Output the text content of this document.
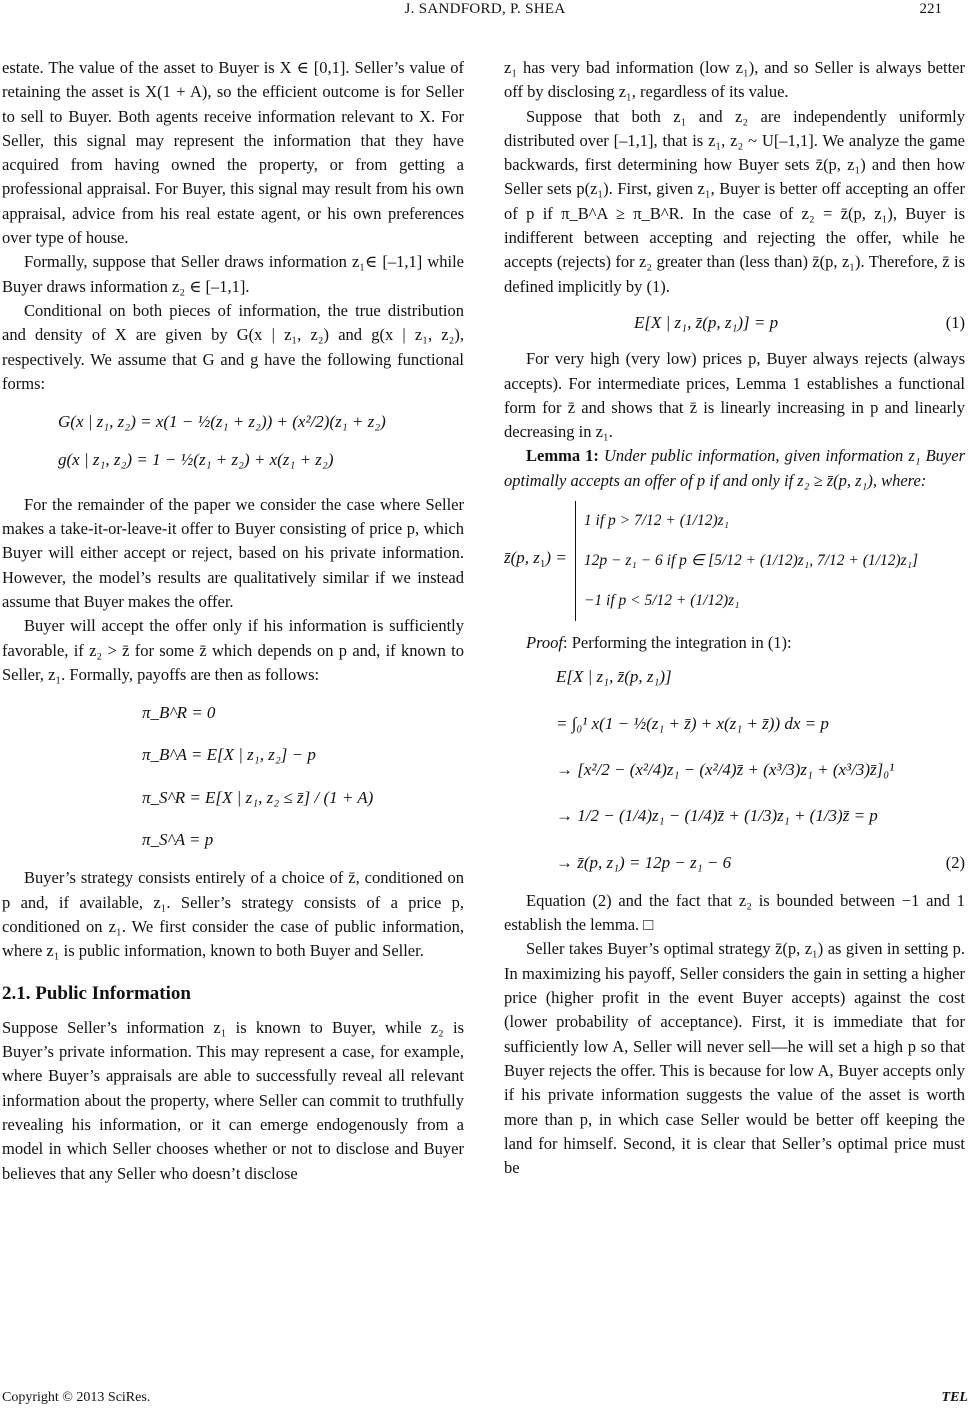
J. SANDFORD, P. SHEA	221

estate. The value of the asset to Buyer is X ∈ [0,1]. Seller’s value of retaining the asset is X(1 + A), so the efficient outcome is for Seller to sell to Buyer. Both agents receive information relevant to X. For Seller, this signal may represent the information that they have acquired from having owned the property, or from getting a professional appraisal. For Buyer, this signal may result from his own appraisal, advice from his real estate agent, or his own preferences over type of house.

Formally, suppose that Seller draws information z₁∈ [–1,1] while Buyer draws information z₂ ∈ [–1,1].

Conditional on both pieces of information, the true distribution and density of X are given by G(x | z₁, z₂) and g(x | z₁, z₂), respectively. We assume that G and g have the following functional forms:

G(x | z₁, z₂) = x(1 − ½(z₁ + z₂)) + (x²/2)(z₁ + z₂)
g(x | z₁, z₂) = 1 − ½(z₁ + z₂) + x(z₁ + z₂)

For the remainder of the paper we consider the case where Seller makes a take-it-or-leave-it offer to Buyer consisting of price p, which Buyer will either accept or reject, based on his private information. However, the model’s results are qualitatively similar if we instead assume that Buyer makes the offer.

Buyer will accept the offer only if his information is sufficiently favorable, if z₂ > z̄ for some z̄ which depends on p and, if known to Seller, z₁. Formally, payoffs are then as follows:

π_B^R = 0
π_B^A = E[X | z₁, z₂] − p
π_S^R = E[X | z₁, z₂ ≤ z̄] / (1 + A)
π_S^A = p

Buyer’s strategy consists entirely of a choice of z̄, conditioned on p and, if available, z₁. Seller’s strategy consists of a price p, conditioned on z₁. We first consider the case of public information, where z₁ is public information, known to both Buyer and Seller.

2.1. Public Information

Suppose Seller’s information z₁ is known to Buyer, while z₂ is Buyer’s private information. This may represent a case, for example, where Buyer’s appraisals are able to successfully reveal all relevant information about the property, where Seller can commit to truthfully revealing his information, or it can emerge endogenously from a model in which Seller chooses whether or not to disclose and Buyer believes that any Seller who doesn’t disclose

z₁ has very bad information (low z₁), and so Seller is always better off by disclosing z₁, regardless of its value.

Suppose that both z₁ and z₂ are independently uniformly distributed over [–1,1], that is z₁, z₂ ~ U[–1,1]. We analyze the game backwards, first determining how Buyer sets z̄(p, z₁) and then how Seller sets p(z₁). First, given z₁, Buyer is better off accepting an offer of p if π_B^A ≥ π_B^R. In the case of z₂ = z̄(p, z₁), Buyer is indifferent between accepting and rejecting the offer, while he accepts (rejects) for z₂ greater than (less than) z̄(p, z₁). Therefore, z̄ is defined implicitly by (1).

E[X | z₁, z̄(p, z₁)] = p	(1)

For very high (very low) prices p, Buyer always rejects (always accepts). For intermediate prices, Lemma 1 establishes a functional form for z̄ and shows that z̄ is linearly increasing in p and linearly decreasing in z₁.

Lemma 1: Under public information, given information z₁ Buyer optimally accepts an offer of p if and only if z₂ ≥ z̄(p, z₁), where:

z̄(p, $z_1$) =
1 if p > 7/12 + (1/12)z₁
12p − z₁ − 6 if p ∈ [5/12 + (1/12)z₁, 7/12 + (1/12)z₁]
−1 if p < 5/12 + (1/12)z₁

Proof: Performing the integration in (1):

E[X | z₁, z̄(p, z₁)]
= ∫₀¹ x(1 − ½(z₁ + z̄) + x(z₁ + z̄)) dx = p
→ [x²/2 − (x²/4)z₁ − (x²/4)z̄ + (x³/3)z₁ + (x³/3)z̄]₀¹
→ 1/2 − (1/4)z₁ − (1/4)z̄ + (1/3)z₁ + (1/3)z̄ = p
→ z̄(p, z₁) = 12p − z₁ − 6	(2)

Equation (2) and the fact that z₂ is bounded between −1 and 1 establish the lemma. □

Seller takes Buyer’s optimal strategy z̄(p, z₁) as given in setting p. In maximizing his payoff, Seller considers the gain in setting a higher price (higher profit in the event Buyer accepts) against the cost (lower probability of acceptance). First, it is immediate that for sufficiently low A, Seller will never sell—he will set a high p so that Buyer rejects the offer. This is because for low A, Buyer accepts only if his private information suggests the value of the asset is worth more than p, in which case Seller would be better off keeping the land for himself. Second, it is clear that Seller’s optimal price must be

Copyright © 2013 SciRes.	TEL
